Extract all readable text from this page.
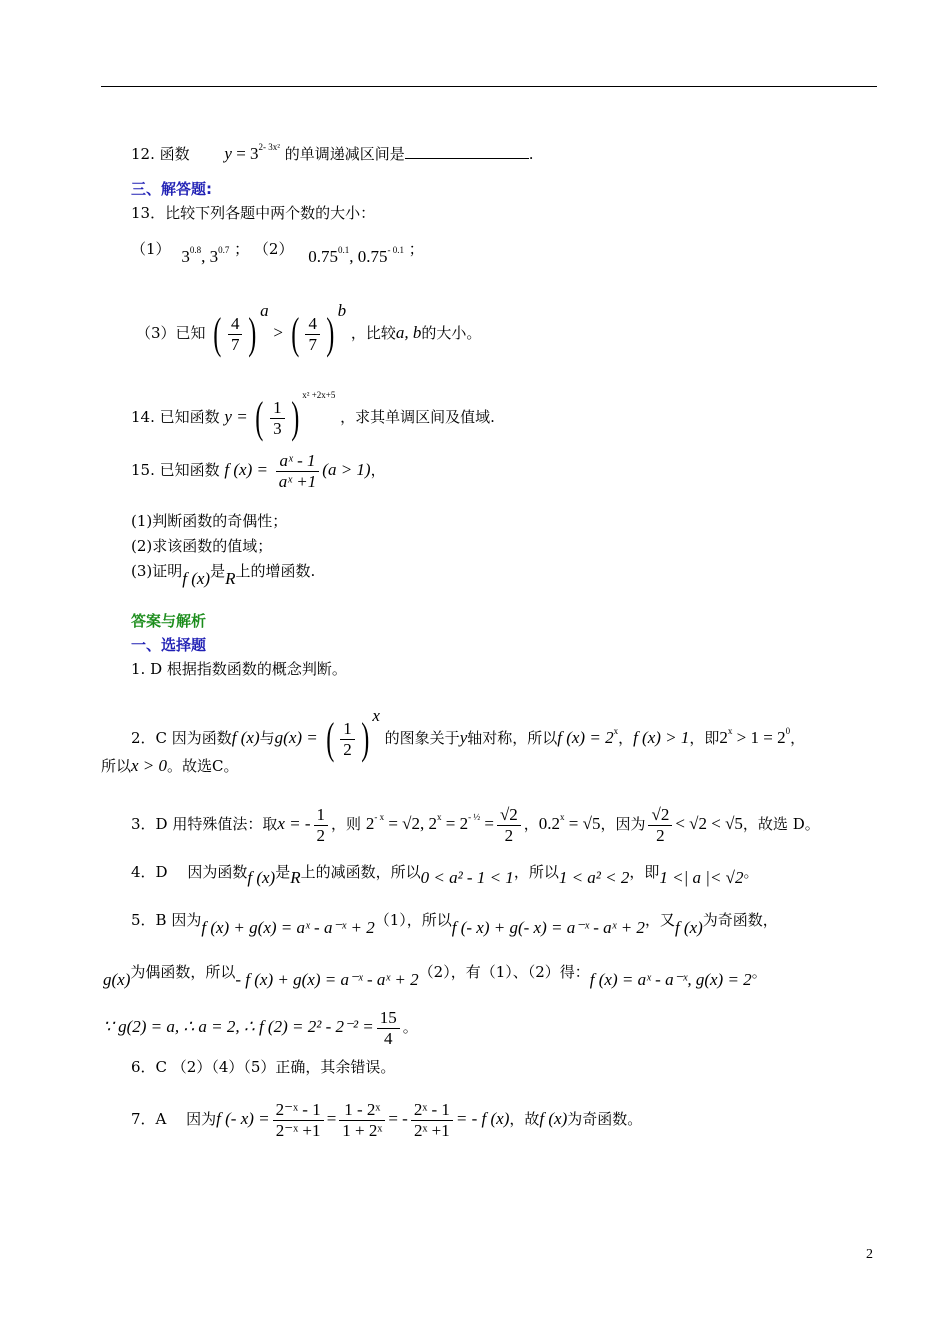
12. 函数 $y = 3^{2- 3x^2}$ 的单调递减区间是	.
三、解答题:
13．比较下列各题中两个数的大小：
（1） $3^{0.8}$, $3^{0.7}$ ； （2） $0.75^{0.1}$, $0.75^{- 0.1}$ ；
（3）已知 ( $\frac{4}{7}$ ) $^a$ > ( $\frac{4}{7}$ ) $^b$ ，比较a, b的大小。
14. 已知函数 y = ( $\frac{1}{3}$ ) $^{x^2 +2x+5}$ ，求其单调区间及值域.
15. 已知函数 f $(x) = \frac{\text{aˣ - 1}}{\text{aˣ +1}} (a > 1)$，
(1)判断函数的奇偶性；
(2)求该函数的值域；
(3)证明f (x)是R上的增函数.
答案与解析
一、选择题
1. D 根据指数函数的概念判断。
2．C 因为函数f (x)与g(x) = ( $\frac{1}{2}$ ) $^x$ 的图象关于y轴对称，所以f $(x) = 2^x$，f (x) > 1，即$2^x > 1 = 2^0$，
所以x > 0。故选C。
3．D 用特殊值法：取x = - $\frac{1}{2}$ ，则 $2^{- x} = √2$, $2^x = 2^{- \frac{1}{2}} = \frac{√2}{2}$ ，$0.2^x = √5$，因为 $\frac{√2}{2} < √2 < √5$，故选 D。
4．D 　因为函数f (x)是R上的减函数，所以0 < a² - 1 < 1，所以1 < a² < 2，即1 <| a |< √2。
5．B 因为f (x) + g(x) = aˣ - a⁻ˣ + 2（1），所以f (- x) + g(- x) = a⁻ˣ - aˣ + 2，又f (x)为奇函数，
g(x)为偶函数，所以- f (x) + g(x) = a⁻ˣ - aˣ + 2（2），有（1）、（2）得：f (x) = aˣ - a⁻ˣ, g(x) = 2。
∵ g(2) = a, ∴ a = 2, ∴ f $(2) = 2^2 - 2^{-2} = \frac{15}{4}$ 。
6．C （2）（4）（5）正确，其余错误。
7．A 　因为f (- $x) = \frac{\text{2⁻ˣ - 1}}{\text{2⁻ˣ +1}} = \frac{\text{1 - 2ˣ}}{\text{1 + 2ˣ}}$ = - $\frac{\text{2ˣ - 1}}{\text{2ˣ +1}}$ = - f (x)，故f (x)为奇函数。
2
